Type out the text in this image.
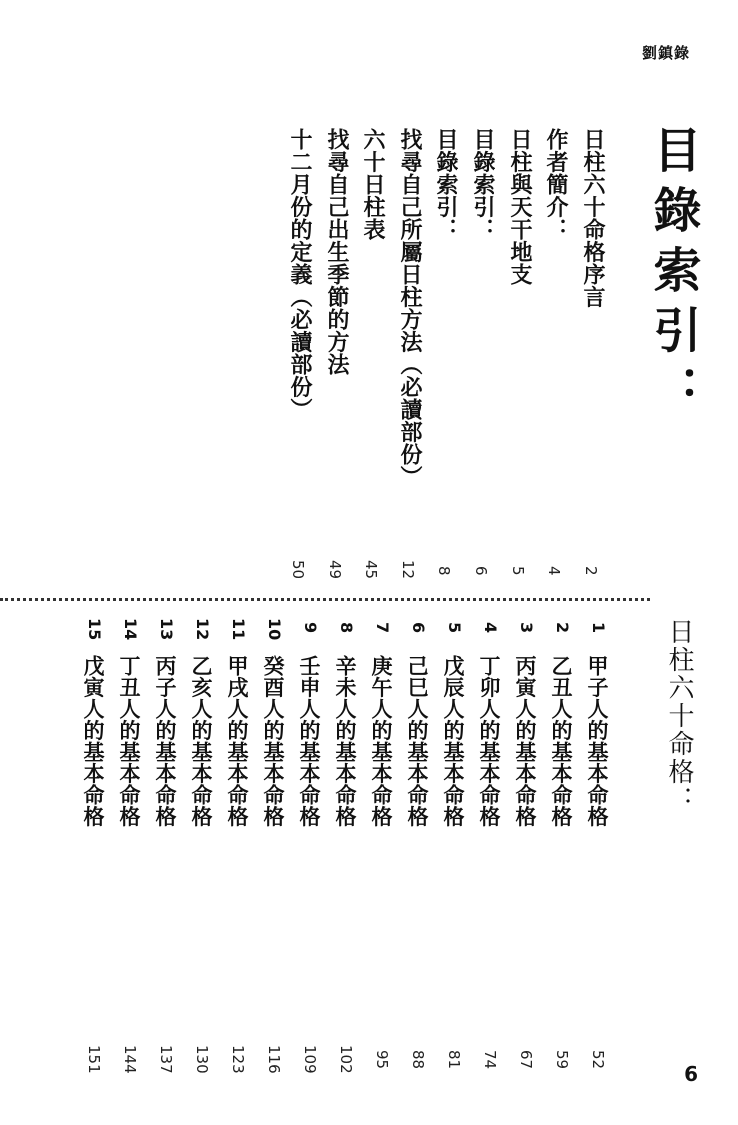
劉鎮錄
目錄索引：
日柱六十命格序言
作者簡介：
日柱與天干地支
目錄索引：
目錄索引：
找尋自己所屬日柱方法（必讀部份）
六十日柱表
找尋自己出生季節的方法
十二月份的定義（必讀部份）
2
4
5
6
8
12
45
49
50
日柱六十命格：
1
甲子人的基本命格
52
2
乙丑人的基本命格
59
3
丙寅人的基本命格
67
4
丁卯人的基本命格
74
5
戊辰人的基本命格
81
6
己巳人的基本命格
88
7
庚午人的基本命格
95
8
辛未人的基本命格
102
9
壬申人的基本命格
109
10
癸酉人的基本命格
116
11
甲戌人的基本命格
123
12
乙亥人的基本命格
130
13
丙子人的基本命格
137
14
丁丑人的基本命格
144
15
戊寅人的基本命格
151
6
